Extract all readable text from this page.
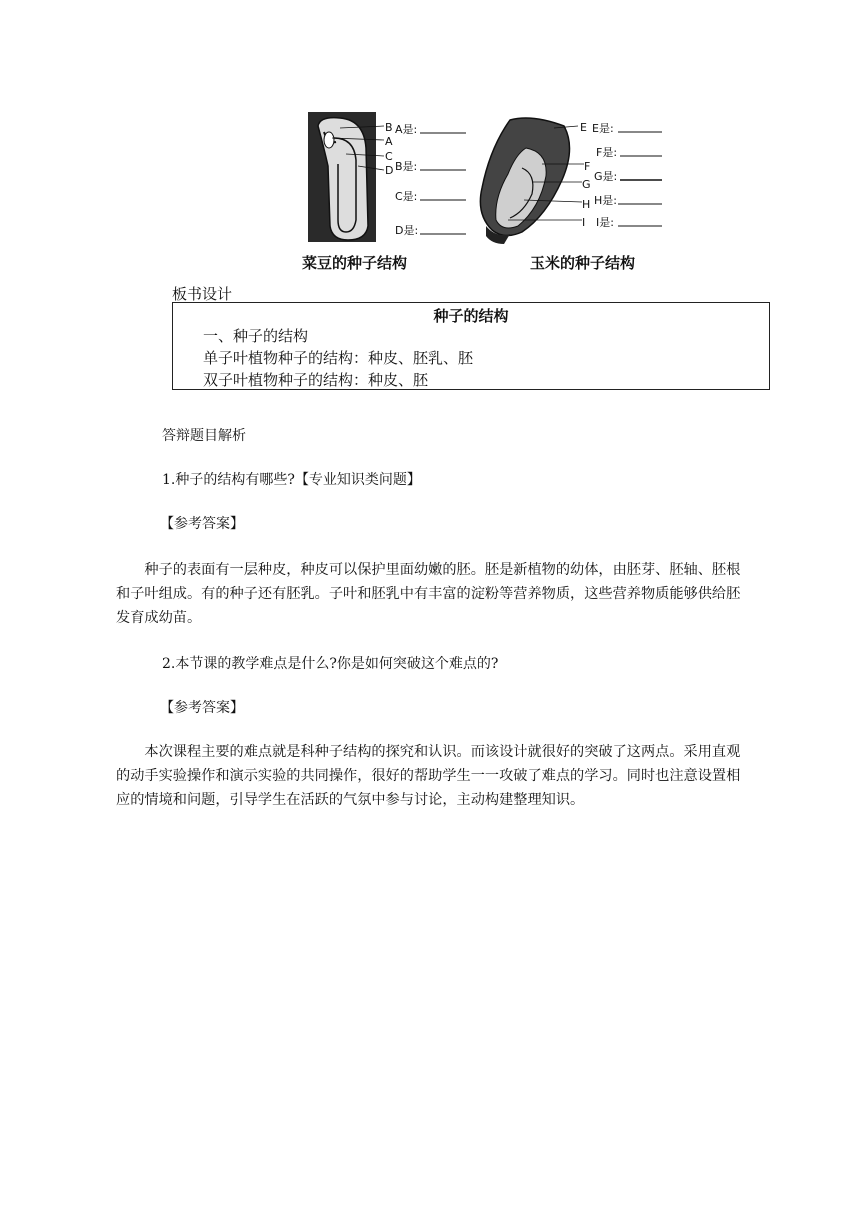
B
A
C
D
A是:
B是:
C是:
D是:
菜豆的种子结构
E
F
G
H
I
E是:
F是:
G是:
H是:
I是:
玉米的种子结构
板书设计
种子的结构
一、种子的结构
单子叶植物种子的结构：种皮、胚乳、胚
双子叶植物种子的结构：种皮、胚
答辩题目解析
1.种子的结构有哪些?【专业知识类问题】
【参考答案】
种子的表面有一层种皮，种皮可以保护里面幼嫩的胚。胚是新植物的幼体，由胚芽、胚轴、胚根和子叶组成。有的种子还有胚乳。子叶和胚乳中有丰富的淀粉等营养物质，这些营养物质能够供给胚发育成幼苗。
2.本节课的教学难点是什么?你是如何突破这个难点的?
【参考答案】
本次课程主要的难点就是科种子结构的探究和认识。而该设计就很好的突破了这两点。采用直观的动手实验操作和演示实验的共同操作，很好的帮助学生一一攻破了难点的学习。同时也注意设置相应的情境和问题，引导学生在活跃的气氛中参与讨论，主动构建整理知识。
